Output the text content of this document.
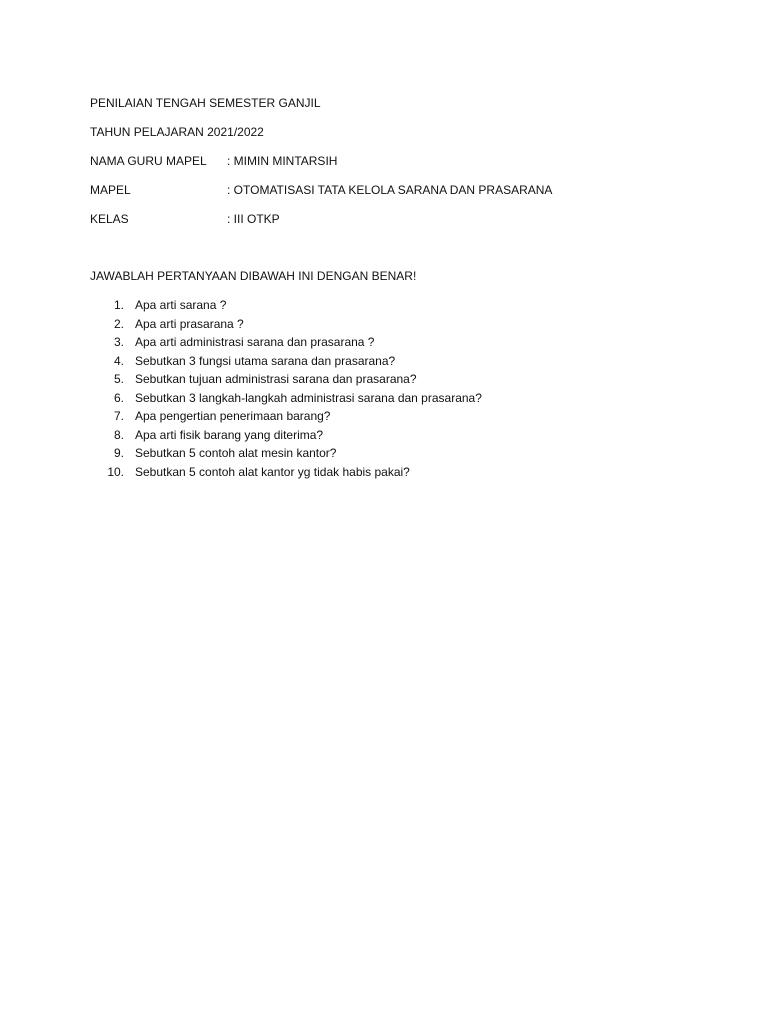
PENILAIAN TENGAH SEMESTER GANJIL
TAHUN PELAJARAN 2021/2022
NAMA GURU MAPEL : MIMIN MINTARSIH
MAPEL	: OTOMATISASI TATA KELOLA SARANA DAN PRASARANA
KELAS	: III OTKP
JAWABLAH PERTANYAAN DIBAWAH INI DENGAN BENAR!
1. Apa arti sarana ?
2. Apa arti prasarana ?
3. Apa arti administrasi sarana dan prasarana ?
4. Sebutkan 3 fungsi utama sarana dan prasarana?
5. Sebutkan tujuan administrasi sarana dan prasarana?
6. Sebutkan 3 langkah-langkah administrasi sarana dan prasarana?
7. Apa pengertian penerimaan barang?
8. Apa arti fisik barang yang diterima?
9. Sebutkan 5 contoh alat mesin kantor?
10. Sebutkan 5 contoh alat kantor yg tidak habis pakai?
